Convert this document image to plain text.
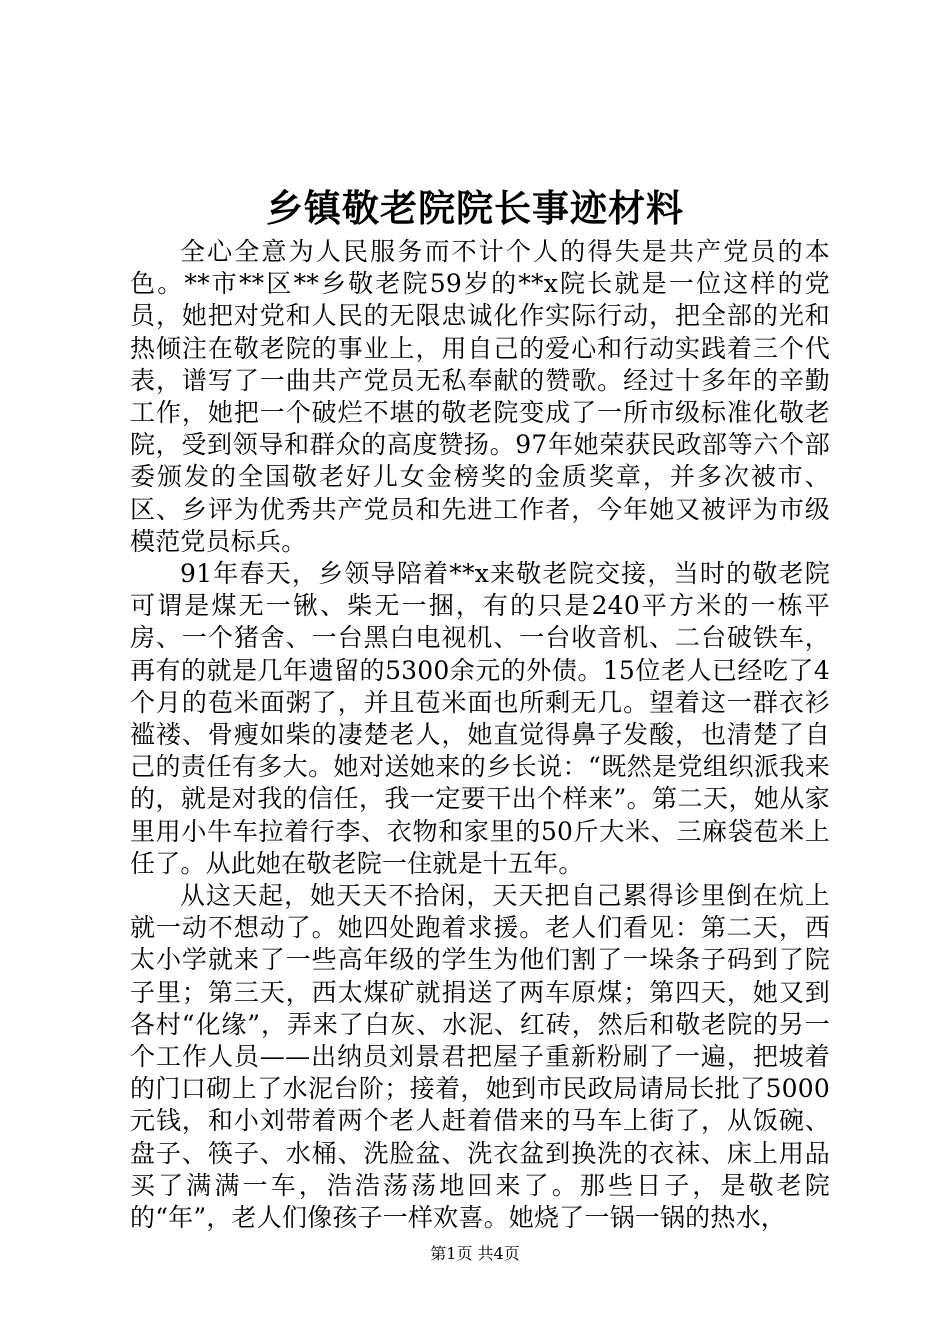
乡镇敬老院院长事迹材料

全心全意为人民服务而不计个人的得失是共产党员的本色。**市**区**乡敬老院59岁的**x院长就是一位这样的党员，她把对党和人民的无限忠诚化作实际行动，把全部的光和热倾注在敬老院的事业上，用自己的爱心和行动实践着三个代表，谱写了一曲共产党员无私奉献的赞歌。经过十多年的辛勤工作，她把一个破烂不堪的敬老院变成了一所市级标准化敬老院，受到领导和群众的高度赞扬。97年她荣获民政部等六个部委颁发的全国敬老好儿女金榜奖的金质奖章，并多次被市、区、乡评为优秀共产党员和先进工作者，今年她又被评为市级模范党员标兵。

91年春天，乡领导陪着**x来敬老院交接，当时的敬老院可谓是煤无一锹、柴无一捆，有的只是240平方米的一栋平房、一个猪舍、一台黑白电视机、一台收音机、二台破铁车，再有的就是几年遗留的5300余元的外债。15位老人已经吃了4个月的苞米面粥了，并且苞米面也所剩无几。望着这一群衣衫褴褛、骨瘦如柴的凄楚老人，她直觉得鼻子发酸，也清楚了自己的责任有多大。她对送她来的乡长说：“既然是党组织派我来的，就是对我的信任，我一定要干出个样来”。第二天，她从家里用小牛车拉着行李、衣物和家里的50斤大米、三麻袋苞米上任了。从此她在敬老院一住就是十五年。

从这天起，她天天不拾闲，天天把自己累得诊里倒在炕上就一动不想动了。她四处跑着求援。老人们看见：第二天，西太小学就来了一些高年级的学生为他们割了一垛条子码到了院子里；第三天，西太煤矿就捐送了两车原煤；第四天，她又到各村“化缘”，弄来了白灰、水泥、红砖，然后和敬老院的另一个工作人员——出纳员刘景君把屋子重新粉刷了一遍，把坡着的门口砌上了水泥台阶；接着，她到市民政局请局长批了5000元钱，和小刘带着两个老人赶着借来的马车上街了，从饭碗、盘子、筷子、水桶、洗脸盆、洗衣盆到换洗的衣袜、床上用品买了满满一车，浩浩荡荡地回来了。那些日子，是敬老院的“年”，老人们像孩子一样欢喜。她烧了一锅一锅的热水，

第1页 共4页
